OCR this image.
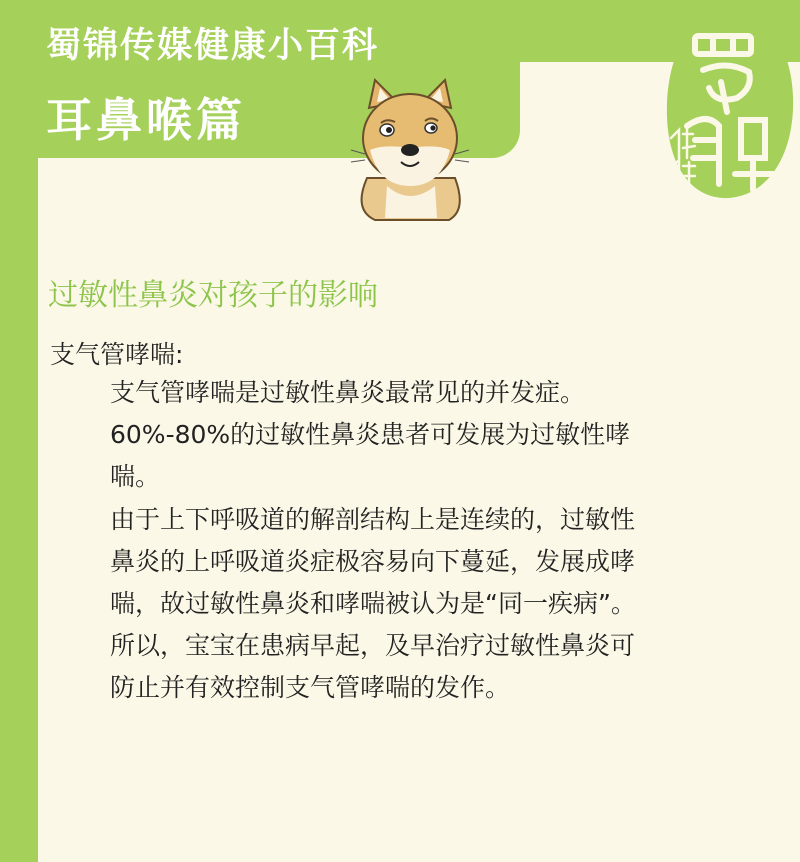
蜀锦传媒健康小百科
耳鼻喉篇
过敏性鼻炎对孩子的影响
支气管哮喘:
支气管哮喘是过敏性鼻炎最常见的并发症。
60%-80%的过敏性鼻炎患者可发展为过敏性哮
喘。
由于上下呼吸道的解剖结构上是连续的，过敏性
鼻炎的上呼吸道炎症极容易向下蔓延，发展成哮
喘，故过敏性鼻炎和哮喘被认为是“同一疾病”。
所以，宝宝在患病早起，及早治疗过敏性鼻炎可
防止并有效控制支气管哮喘的发作。
